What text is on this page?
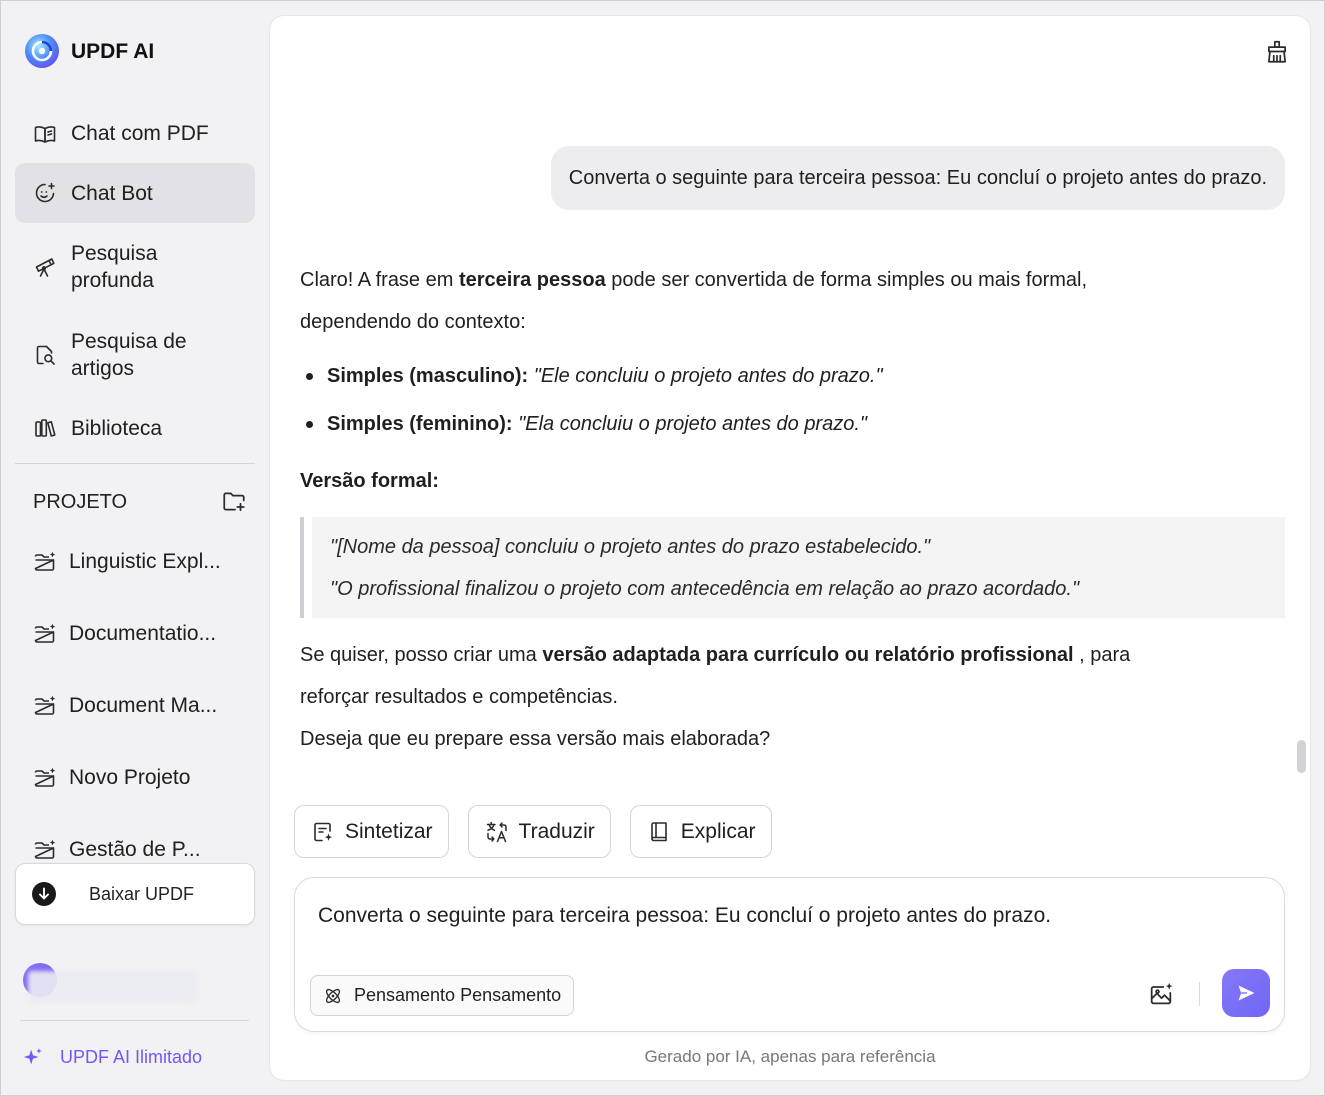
UPDF AI
Chat com PDF
Chat Bot
Pesquisa
profunda
Pesquisa de
artigos
Biblioteca
PROJETO
Linguistic Expl...
Documentatio...
Document Ma...
Novo Projeto
Gestão de P...
Baixar UPDF
UPDF AI Ilimitado
Converta o seguinte para terceira pessoa: Eu concluí o projeto antes do prazo.

Claro! A frase em terceira pessoa pode ser convertida de forma simples ou mais formal,
dependendo do contexto:

Simples (masculino): "Ele concluiu o projeto antes do prazo."
Simples (feminino): "Ela concluiu o projeto antes do prazo."
Versão formal:
"[Nome da pessoa] concluiu o projeto antes do prazo estabelecido."
"O profissional finalizou o projeto com antecedência em relação ao prazo acordado."

Se quiser, posso criar uma versão adaptada para currículo ou relatório profissional , para
reforçar resultados e competências.
Deseja que eu prepare essa versão mais elaborada?

Sintetizar	Traduzir	Explicar
Converta o seguinte para terceira pessoa: Eu concluí o projeto antes do prazo.
Pensamento Pensamento
Gerado por IA, apenas para referência
